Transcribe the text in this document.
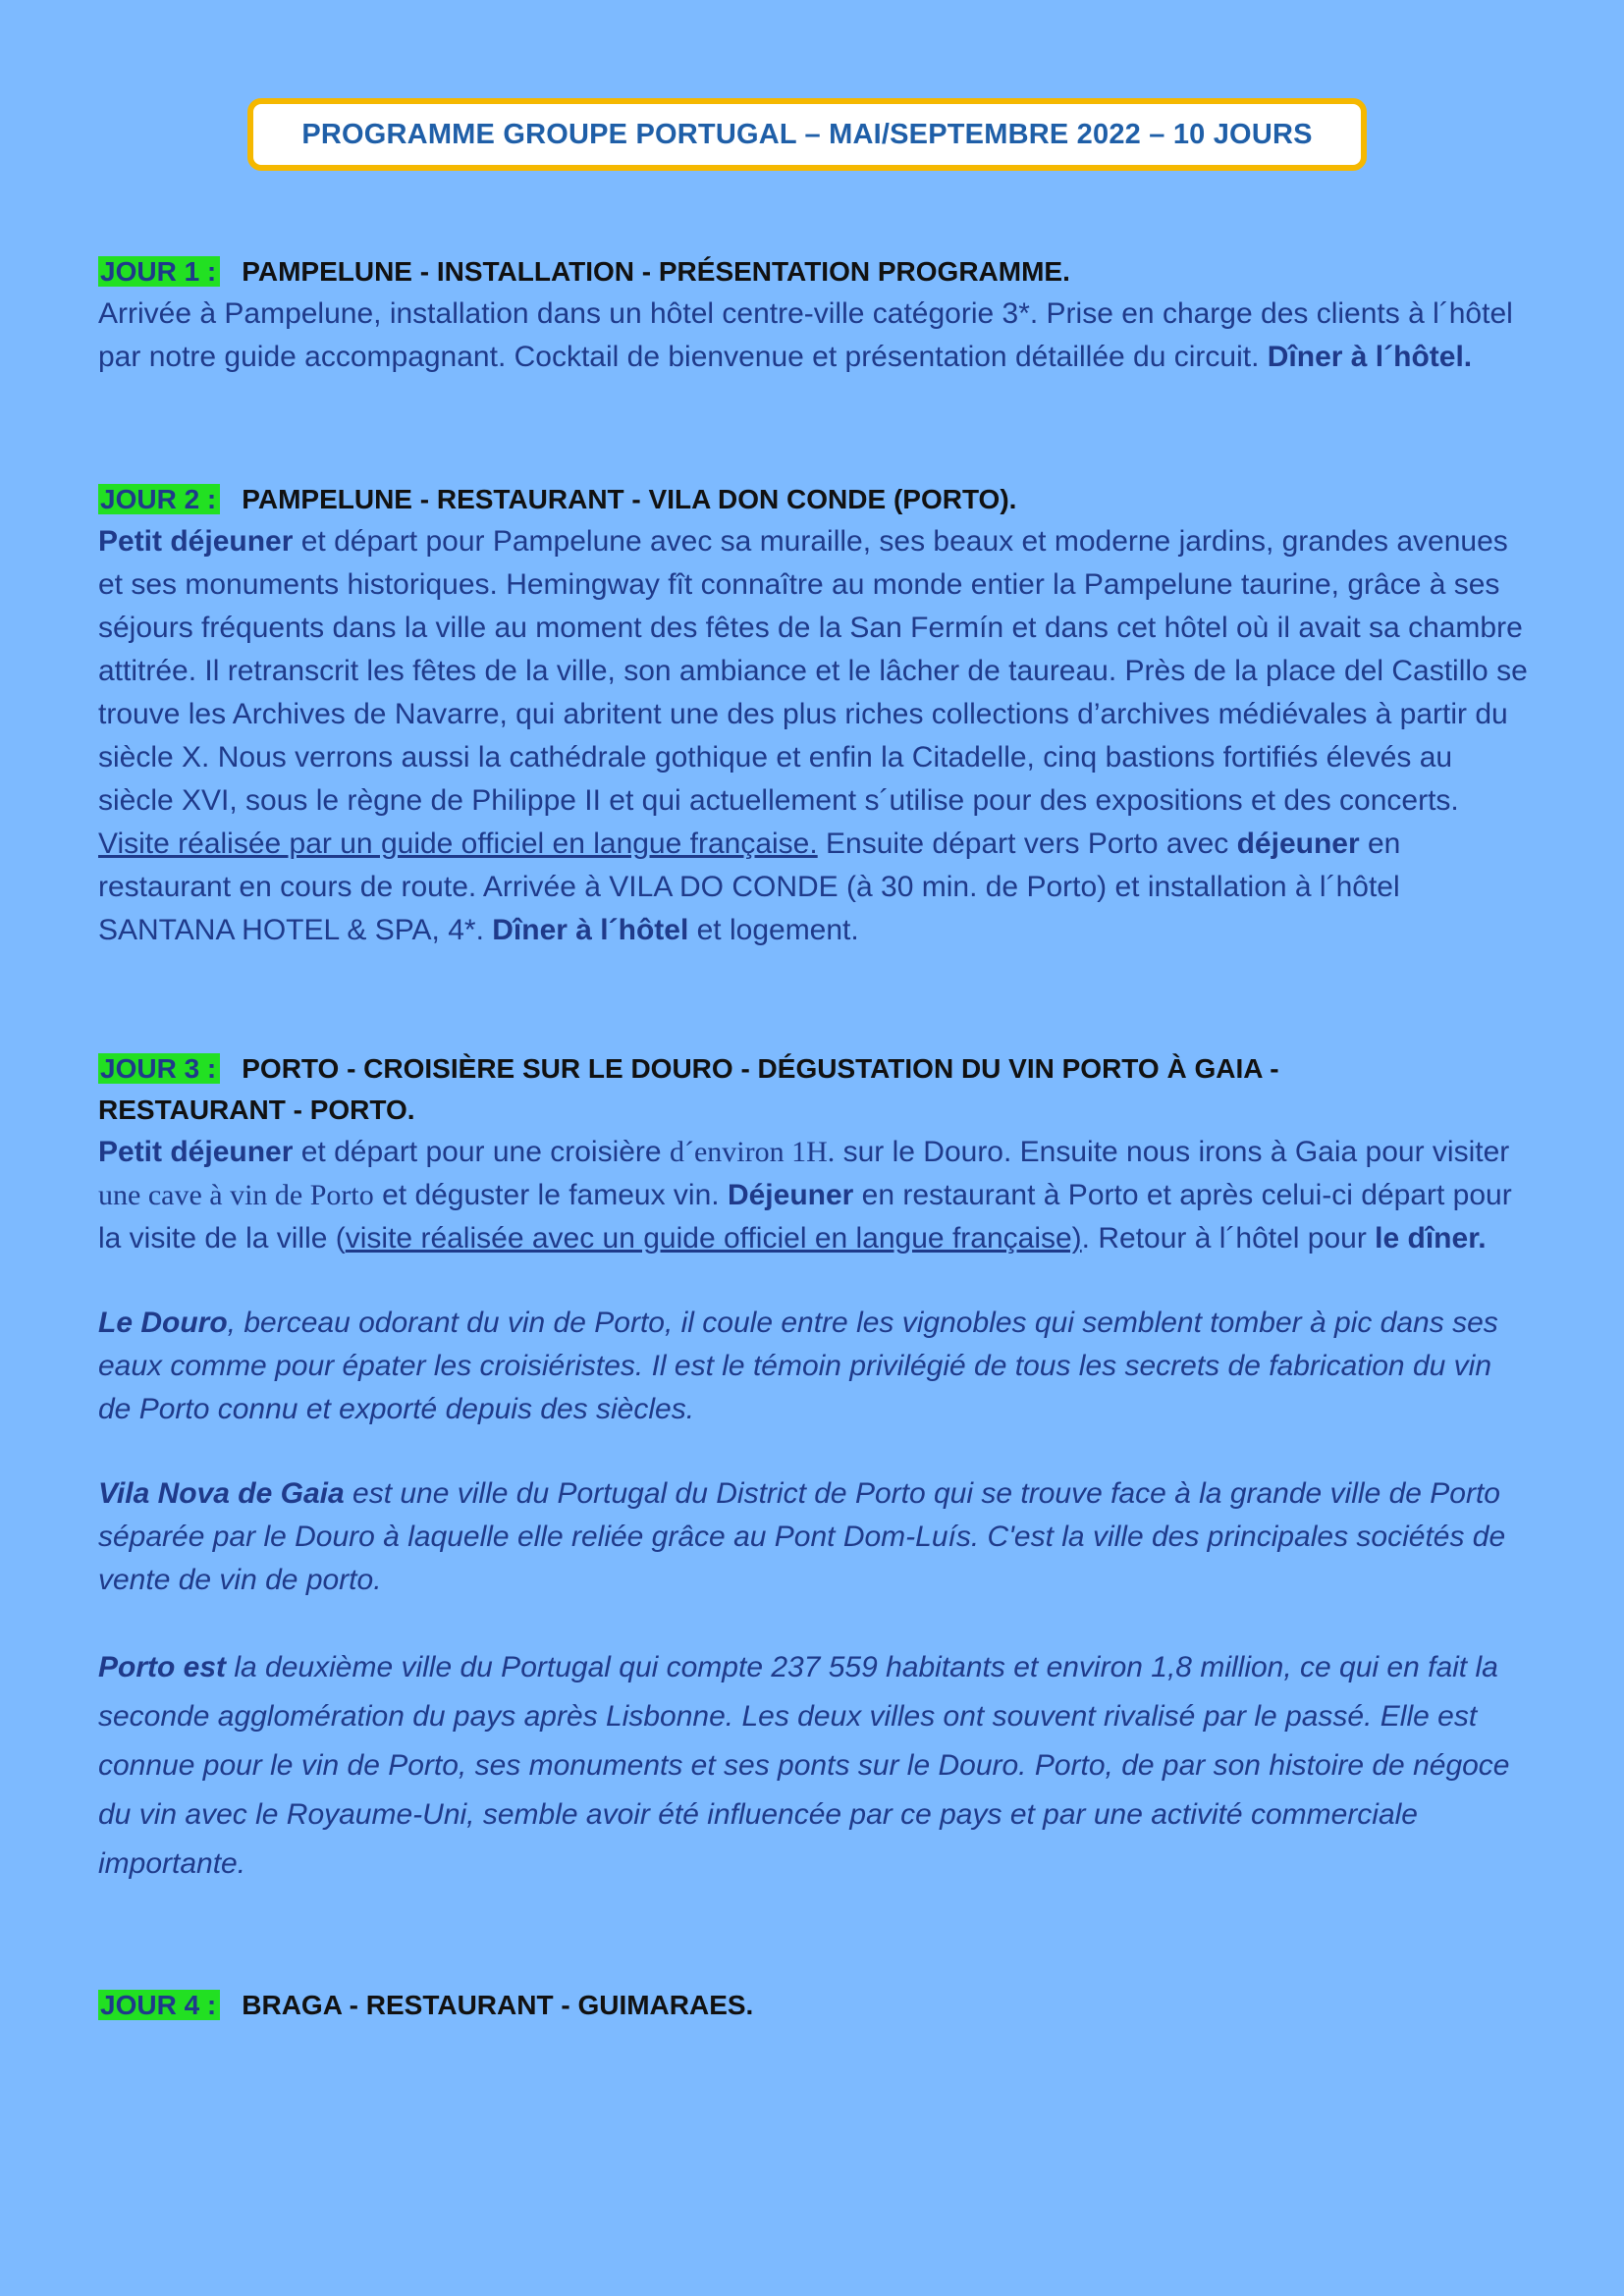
PROGRAMME GROUPE PORTUGAL – MAI/SEPTEMBRE 2022 – 10 JOURS

JOUR 1 : PAMPELUNE - INSTALLATION - PRÉSENTATION PROGRAMME.

Arrivée à Pampelune, installation dans un hôtel centre-ville catégorie 3*. Prise en charge des clients à l´hôtel par notre guide accompagnant. Cocktail de bienvenue et présentation détaillée du circuit. Dîner à l´hôtel.

JOUR 2 : PAMPELUNE - RESTAURANT - VILA DON CONDE (PORTO).

Petit déjeuner et départ pour Pampelune avec sa muraille, ses beaux et moderne jardins, grandes avenues et ses monuments historiques. Hemingway fît connaître au monde entier la Pampelune taurine, grâce à ses séjours fréquents dans la ville au moment des fêtes de la San Fermín et dans cet hôtel où il avait sa chambre attitrée. Il retranscrit les fêtes de la ville, son ambiance et le lâcher de taureau. Près de la place del Castillo se trouve les Archives de Navarre, qui abritent une des plus riches collections d’archives médiévales à partir du siècle X. Nous verrons aussi la cathédrale gothique et enfin la Citadelle, cinq bastions fortifiés élevés au siècle XVI, sous le règne de Philippe II et qui actuellement s´utilise pour des expositions et des concerts. Visite réalisée par un guide officiel en langue française. Ensuite départ vers Porto avec déjeuner en restaurant en cours de route. Arrivée à VILA DO CONDE (à 30 min. de Porto) et installation à l´hôtel SANTANA HOTEL & SPA, 4*. Dîner à l´hôtel et logement.

JOUR 3 : PORTO - CROISIÈRE SUR LE DOURO - DÉGUSTATION DU VIN PORTO À GAIA -
RESTAURANT - PORTO.

Petit déjeuner et départ pour une croisière d´environ 1H. sur le Douro. Ensuite nous irons à Gaia pour visiter une cave à vin de Porto et déguster le fameux vin. Déjeuner en restaurant à Porto et après celui-ci départ pour la visite de la ville (visite réalisée avec un guide officiel en langue française). Retour à l´hôtel pour le dîner.

Le Douro, berceau odorant du vin de Porto, il coule entre les vignobles qui semblent tomber à pic dans ses eaux comme pour épater les croisiéristes. Il est le témoin privilégié de tous les secrets de fabrication du vin de Porto connu et exporté depuis des siècles.

Vila Nova de Gaia est une ville du Portugal du District de Porto qui se trouve face à la grande ville de Porto séparée par le Douro à laquelle elle reliée grâce au Pont Dom-Luís. C'est la ville des principales sociétés de vente de vin de porto.

Porto est la deuxième ville du Portugal qui compte 237 559 habitants et environ 1,8 million, ce qui en fait la seconde agglomération du pays après Lisbonne. Les deux villes ont souvent rivalisé par le passé. Elle est connue pour le vin de Porto, ses monuments et ses ponts sur le Douro. Porto, de par son histoire de négoce du vin avec le Royaume-Uni, semble avoir été influencée par ce pays et par une activité commerciale importante.

JOUR 4 : BRAGA - RESTAURANT - GUIMARAES.
